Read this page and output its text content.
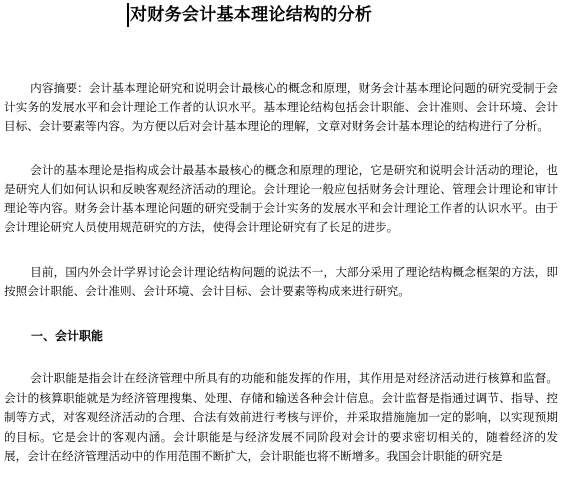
对财务会计基本理论结构的分析
内容摘要：会计基本理论研究和说明会计最核心的概念和原理，财务会计基本理论问题的研究受制于会计实务的发展水平和会计理论工作者的认识水平。基本理论结构包括会计职能、会计准则、会计环境、会计目标、会计要素等内容。为方便以后对会计基本理论的理解，文章对财务会计基本理论的结构进行了分析。
会计的基本理论是指构成会计最基本最核心的概念和原理的理论，它是研究和说明会计活动的理论，也是研究人们如何认识和反映客观经济活动的理论。会计理论一般应包括财务会计理论、管理会计理论和审计理论等内容。财务会计基本理论问题的研究受制于会计实务的发展水平和会计理论工作者的认识水平。由于会计理论研究人员使用规范研究的方法，使得会计理论研究有了长足的进步。
目前，国内外会计学界讨论会计理论结构问题的说法不一，大部分采用了理论结构概念框架的方法，即按照会计职能、会计准则、会计环境、会计目标、会计要素等构成来进行研究。
一、会计职能
会计职能是指会计在经济管理中所具有的功能和能发挥的作用，其作用是对经济活动进行核算和监督。会计的核算职能就是为经济管理搜集、处理、存储和输送各种会计信息。会计监督是指通过调节、指导、控制等方式，对客观经济活动的合理、合法有效前进行考核与评价，并采取措施施加一定的影响，以实现预期的目标。它是会计的客观内涵。会计职能是与经济发展不同阶段对会计的要求密切相关的，随着经济的发展，会计在经济管理活动中的作用范围不断扩大，会计职能也将不断增多。我国会计职能的研究是
